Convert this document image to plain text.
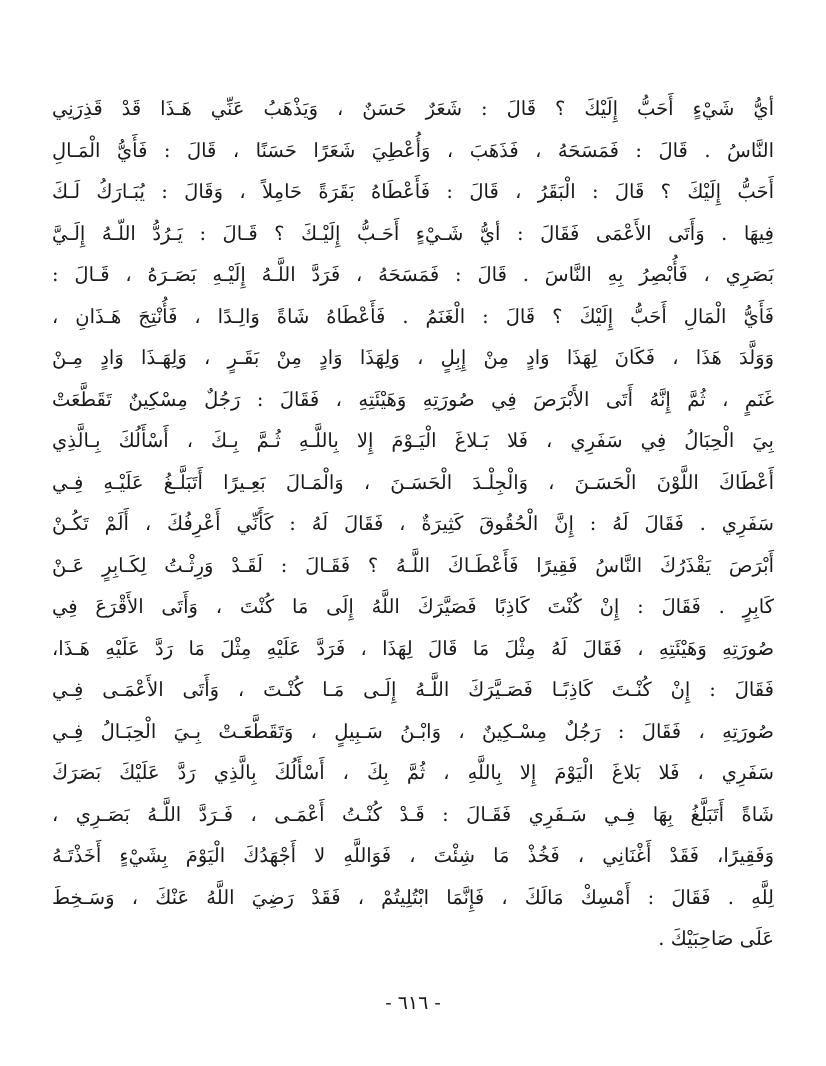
أيُّ شَيْءٍ أَحَبُّ إِلَيْكَ ؟ قَالَ : شَعَرٌ حَسَنٌ ، وَيَذْهَبُ عَنِّي هَـذَا قَدْ قَذِرَنِي
النَّاسُ . قَالَ : فَمَسَحَهُ ، فَذَهَبَ ، وَأُعْطِيَ شَعَرًا حَسَنًا ، قَالَ : فَأَيُّ الْمَـالِ
أَحَبُّ إِلَيْكَ ؟ قَالَ : الْبَقَرُ ، قَالَ : فَأَعْطَاهُ بَقَرَةً حَامِلاً ، وَقَالَ : يُبَـارَكُ لَـكَ
فِيهَا . وَأَتَى الأَعْمَى فَقَالَ : أيُّ شَـيْءٍ أَحَـبُّ إِلَيْـكَ ؟ قَـالَ : يَـرُدُّ اللّـهُ إِلَـيَّ
بَصَرِي ، فَأُبْصِرُ بِهِ النَّاسَ . قَالَ : فَمَسَحَهُ ، فَرَدَّ اللَّـهُ إِلَيْـهِ بَصَـرَهُ ، قَـالَ :
فَأَيُّ الْمَالِ أَحَبُّ إِلَيْكَ ؟ قَالَ : الْغَنَمُ . فَأَعْطَاهُ شَاةً وَالِـدًا ، فَأُنْتِجَ هَـذَانِ ،
وَوَلَّدَ هَذَا ، فَكَانَ لِهَذَا وَادٍ مِنْ إِبِلٍ ، وَلِهَذَا وَادٍ مِنْ بَقَـرٍ ، وَلِهَـذَا وَادٍ مِـنْ
غَنَمٍ ، ثُمَّ إِنَّهُ أَتَى الأَبْرَصَ فِي صُورَتِهِ وَهَيْئَتِهِ ، فَقَالَ : رَجُلٌ مِسْكِينٌ تَقَطَّعَتْ
بِيَ الْحِبَالُ فِي سَفَرِي ، فَلا بَـلاغَ الْيَـوْمَ إِلا بِاللَّـهِ ثُـمَّ بِـكَ ، أَسْأَلُكَ بِـالَّذِي
أَعْطَاكَ اللَّوْنَ الْحَسَـنَ ، وَالْجِلْـدَ الْحَسَـنَ ، وَالْمَـالَ بَعِـيرًا أَتَبَلَّـغُ عَلَيْـهِ فِـي
سَفَرِي . فَقَالَ لَهُ : إِنَّ الْحُقُوقَ كَثِيرَةٌ ، فَقَالَ لَهُ : كَأَنِّي أَعْرِفُكَ ، أَلَمْ تَكُـنْ
أَبْرَصَ يَقْذَرُكَ النَّاسُ فَقِيرًا فَأَعْطَـاكَ اللَّـهُ ؟ فَقَـالَ : لَقَـدْ وَرِثْـتُ لِكَـابِرٍ عَـنْ
كَابِرٍ . فَقَالَ : إِنْ كُنْتَ كَاذِبًا فَصَيَّرَكَ اللَّهُ إِلَى مَا كُنْتَ ، وَأَتَى الأَقْرَعَ فِي
صُورَتِهِ وَهَيْئَتِهِ ، فَقَالَ لَهُ مِثْلَ مَا قَالَ لِهَذَا ، فَرَدَّ عَلَيْهِ مِثْلَ مَا رَدَّ عَلَيْهِ هَـذَا،
فَقَالَ : إِنْ كُنْـتَ كَاذِبًـا فَصَـيَّرَكَ اللَّـهُ إِلَـى مَـا كُنْـتَ ، وَأَتَى الأَعْمَـى فِـي
صُورَتِهِ ، فَقَالَ : رَجُلٌ مِسْـكِينٌ ، وَابْـنُ سَـبِيلٍ ، وَتَقَطَّعَـتْ بِـيَ الْحِبَـالُ فِـي
سَفَرِي ، فَلا بَلاغَ الْيَوْمَ إِلا بِاللَّهِ ، ثُمَّ بِكَ ، أَسْأَلُكَ بِالَّذِي رَدَّ عَلَيْكَ بَصَرَكَ
شَاةً أَتَبَلَّغُ بِهَا فِـي سَـفَرِي فَقَـالَ : قَـدْ كُنْـتُ أَعْمَـى ، فَـرَدَّ اللَّـهُ بَصَـرِي ،
وَفَقِيرًا، فَقَدْ أَغْنَانِي ، فَخُذْ مَا شِئْتَ ، فَوَاللَّهِ لا أَجْهَدُكَ الْيَوْمَ بِشَيْءٍ أَخَذْتَـهُ
لِلَّهِ . فَقَالَ : أَمْسِكْ مَالَكَ ، فَإِنَّمَا ابْتُلِيتُمْ ، فَقَدْ رَضِيَ اللَّهُ عَنْكَ ، وَسَـخِطَ
عَلَى صَاحِبَيْكَ .
- ٦١٦ -
